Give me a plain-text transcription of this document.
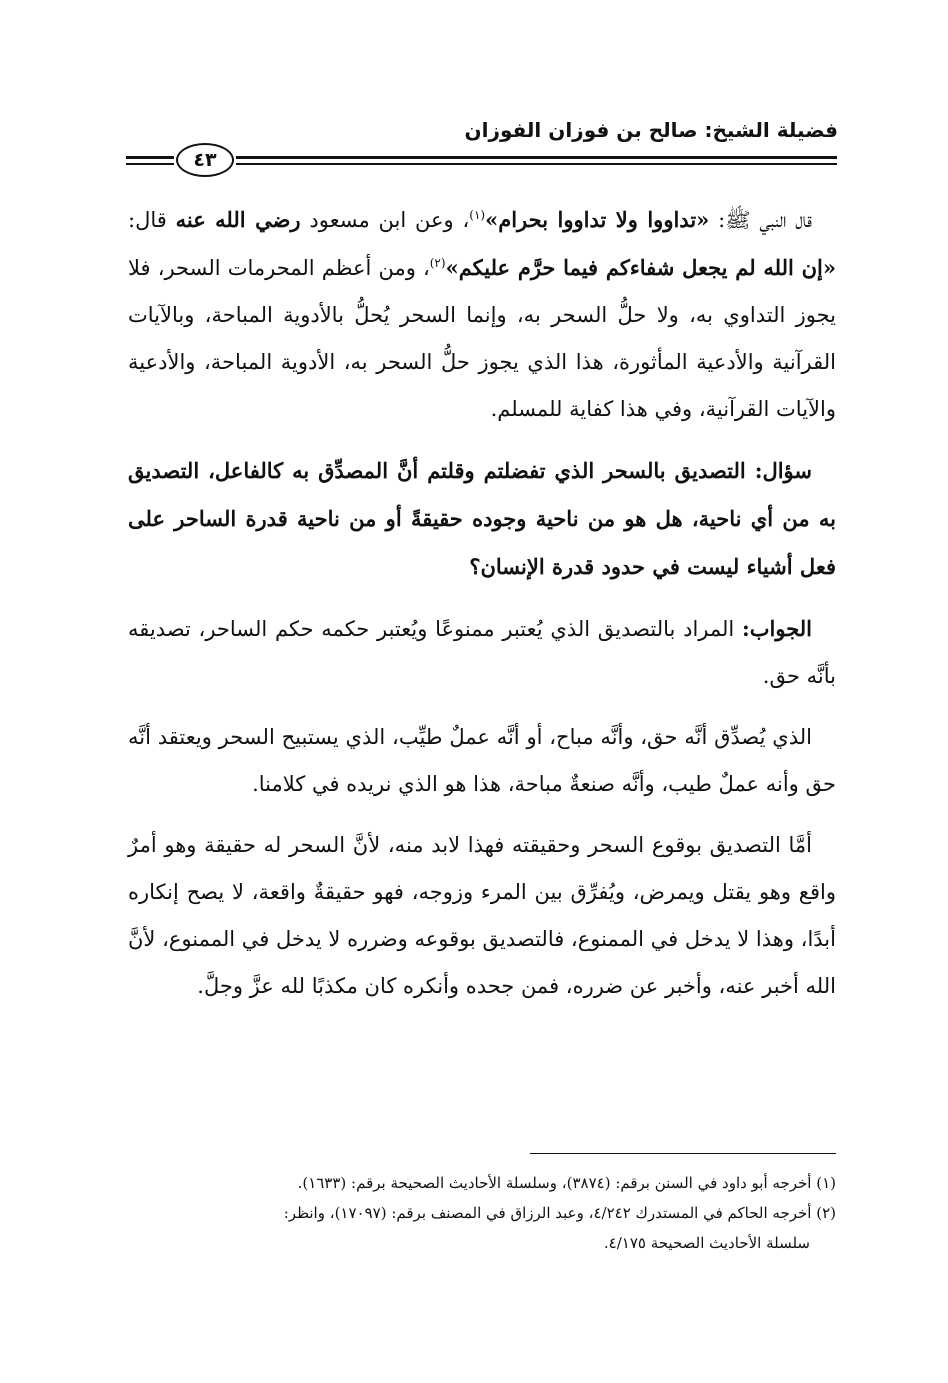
فضيلة الشيخ: صالح بن فوزان الفوزان
٤٣

قال النبي ﷺ: «تداووا ولا تداووا بحرام»$^{(١)}$، وعن ابن مسعود رضي الله عنه قال: «إن الله لم يجعل شفاءكم فيما حرَّم عليكم»$^{(٢)}$، ومن أعظم المحرمات السحر، فلا يجوز التداوي به، ولا حلُّ السحر به، وإنما السحر يُحلُّ بالأدوية المباحة، وبالآيات القرآنية والأدعية المأثورة، هذا الذي يجوز حلُّ السحر به، الأدوية المباحة، والأدعية والآيات القرآنية، وفي هذا كفاية للمسلم.

سؤال: التصديق بالسحر الذي تفضلتم وقلتم أنَّ المصدِّق به كالفاعل، التصديق به من أي ناحية، هل هو من ناحية وجوده حقيقةً أو من ناحية قدرة الساحر على فعل أشياء ليست في حدود قدرة الإنسان؟

الجواب: المراد بالتصديق الذي يُعتبر ممنوعًا ويُعتبر حكمه حكم الساحر، تصديقه بأنَّه حق.

الذي يُصدِّق أنَّه حق، وأنَّه مباح، أو أنَّه عملٌ طيِّب، الذي يستبيح السحر ويعتقد أنَّه حق وأنه عملٌ طيب، وأنَّه صنعةٌ مباحة، هذا هو الذي نريده في كلامنا.

أمَّا التصديق بوقوع السحر وحقيقته فهذا لابد منه، لأنَّ السحر له حقيقة وهو أمرٌ واقع وهو يقتل ويمرض، ويُفرِّق بين المرء وزوجه، فهو حقيقةٌ واقعة، لا يصح إنكاره أبدًا، وهذا لا يدخل في الممنوع، فالتصديق بوقوعه وضرره لا يدخل في الممنوع، لأنَّ الله أخبر عنه، وأخبر عن ضرره، فمن جحده وأنكره كان مكذبًا لله عزَّ وجلَّ.

(١) أخرجه أبو داود في السنن برقم: (٣٨٧٤)، وسلسلة الأحاديث الصحيحة برقم: (١٦٣٣).

(٢) أخرجه الحاكم في المستدرك ٤/٢٤٢، وعبد الرزاق في المصنف برقم: (١٧٠٩٧)، وانظر:

سلسلة الأحاديث الصحيحة ٤/١٧٥.
